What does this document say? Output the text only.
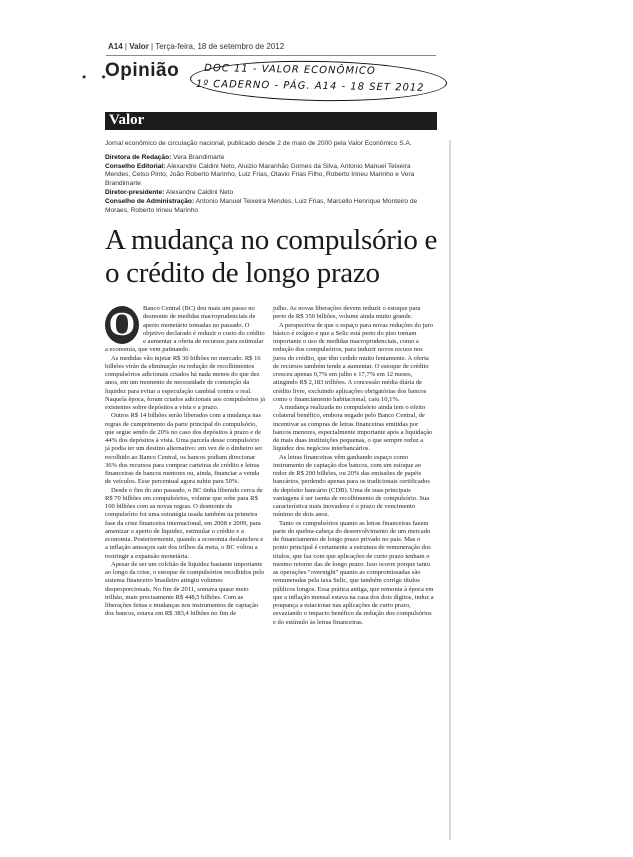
A14 | Valor | Terça-feira, 18 de setembro de 2012
• •
Opinião DOC 11 - VALOR ECONÔMICO
1º CADERNO - PÁG. A14 - 18 SET 2012
Valor

Jornal econômico de circulação nacional, publicado desde 2 de maio de 2000 pela Valor Econômico S.A.

Diretora de Redação: Vera Brandimarte

Conselho Editorial: Alexandre Caldini Neto, Aluizio Maranhão Gomes da Silva, Antonio Manuel Teixeira Mendes, Celso Pinto, João Roberto Marinho, Luiz Frias, Otavio Frias Filho, Roberto Irineu Marinho e Vera Brandimarte

Diretor-presidente: Alexandre Caldini Neto

Conselho de Administração: Antonio Manuel Teixeira Mendes, Luiz Frias, Marcello Henrique Monteiro de Moraes, Roberto Irineu Marinho

A mudança no compulsório e o crédito de longo prazo
O	Banco Central (BC) deu mais um passo no desmonte de medidas macroprudenciais de aperto monetário tomadas no passado. O objetivo declarado é reduzir o custo do crédito e aumentar a oferta de recursos para estimular a economia, que vem patinando.

As medidas vão injetar R$ 30 bilhões no mercado. R$ 16 bilhões virão da eliminação ou redução de recolhimentos compulsórios adicionais criados há nada menos do que dez anos, em um momento de necessidade de contenção da liquidez para evitar a especulação cambial contra o real. Naquela época, foram criados adicionais aos compulsórios já existentes sobre depósitos a vista e a prazo.

Outros R$ 14 bilhões serão liberados com a mudança nas regras de cumprimento da parte principal do compulsório, que segue sendo de 20% no caso dos depósitos à prazo e de 44% dos depósitos à vista. Uma parcela desse compulsório já podia ter um destino alternativo: em vez de o dinheiro ser recolhido ao Banco Central, os bancos podiam direcionar 36% dos recursos para comprar carteiras de crédito e letras financeiras de bancos menores ou, ainda, financiar a venda de veículos. Esse percentual agora subiu para 50%.

Desde o fim do ano passado, o BC tinha liberado cerca de R$ 70 bilhões em compulsórios, volume que sobe para R$ 100 bilhões com as novas regras. O desmonte de compulsório foi uma estratégia usada também na primeira fase da crise financeira internacional, em 2008 e 2009, para amenizar o aperto de liquidez, estimular o crédito e a economia. Posteriormente, quando a economia deslanchou e a inflação ameaçou sair dos trilhos da meta, o BC voltou a restringir a expansão monetária.

Apesar de ser um colchão de liquidez bastante importante ao longo da crise, o estoque de compulsórios recolhidos pelo sistema financeiro brasileiro atingiu volumes desproporcionais. No fim de 2011, somava quase meio trilhão, mais precisamente R$ 448,5 bilhões. Com as liberações feitas e mudanças nos instrumentos de captação dos bancos, estava em R$ 383,4 bilhões no fim de

julho. As novas liberações devem reduzir o estoque para perto de R$ 350 bilhões, volume ainda muito grande.

A perspectiva de que o espaço para novas reduções do juro básico é exíguo e que a Selic está perto do piso tornam importante o uso de medidas macroprudenciais, como a redução dos compulsórios, para induzir novos recuos nos juros do crédito, que têm cedido muito lentamente. A oferta de recursos também tende a aumentar. O estoque de crédito cresceu apenas 0,7% em julho e 17,7% em 12 meses, atingindo R$ 2,183 trilhões. A concessão média diária de crédito livre, excluindo aplicações obrigatórias dos bancos como o financiamento habitacional, caiu 10,1%.

A mudança realizada no compulsório ainda tem o efeito colateral benéfico, embora negado pelo Banco Central, de incentivar as compras de letras financeiras emitidas por bancos menores, especialmente importante após a liquidação de mais duas instituições pequenas, o que sempre reduz a liquidez dos negócios interbancários.

As letras financeiras vêm ganhando espaço como instrumento de captação dos bancos, com um estoque ao redor de R$ 200 bilhões, ou 20% das emissões de papéis bancários, perdendo apenas para os tradicionais certificados de depósito bancário (CDB). Uma de suas principais vantagens é ser isenta de recolhimento de compulsório. Sua característica mais inovadora é o prazo de vencimento mínimo de dois anos.

Tanto os compulsórios quanto as letras financeiras fazem parte do quebra-cabeça do desenvolvimento de um mercado de financiamento de longo prazo privado no país. Mas o ponto principal é certamente a estrutura de remuneração dos títulos, que faz com que aplicações de curto prazo tenham o mesmo retorno das de longo prazo. Isso ocorre porque tanto as operações "overnight" quanto as compromissadas são remuneradas pela taxa Selic, que também corrige títulos públicos longos. Essa prática antiga, que remonta à época em que a inflação mensal estava na casa dos dois dígitos, induz a poupança a estacionar nas aplicações de curto prazo, esvaziando o impacto benéfico da redução dos compulsórios e do estímulo às letras financeiras.
